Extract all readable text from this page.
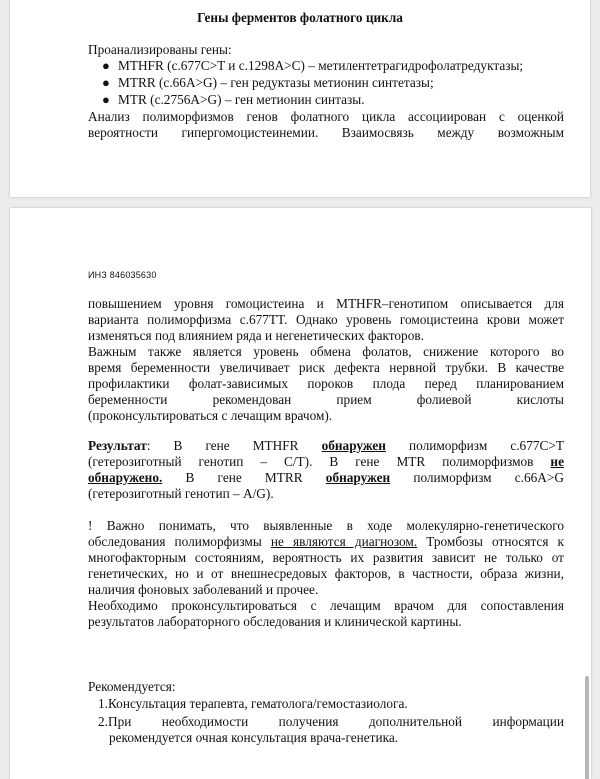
Гены ферментов фолатного цикла

Проанализированы гены:

● MTHFR (c.677C>T и c.1298A>C) – метилентетрагидрофолатредуктазы;
● MTRR (c.66A>G) – ген редуктазы метионин синтетазы;
● MTR (c.2756A>G) – ген метионин синтазы.

Анализ полиморфизмов генов фолатного цикла ассоциирован с оценкой

вероятности гипергомоцистеинемии. Взаимосвязь между возможным

ИНЗ 846035630

повышением уровня гомоцистеина и MTHFR–генотипом описывается для

варианта полиморфизма c.677TT. Однако уровень гомоцистеина крови может

изменяться под влиянием ряда и негенетических факторов.

Важным также является уровень обмена фолатов, снижение которого во

время беременности увеличивает риск дефекта нервной трубки. В качестве

профилактики фолат-зависимых пороков плода перед планированием

беременности рекомендован прием фолиевой кислоты

(проконсультироваться с лечащим врачом).

Результат: В гене MTHFR обнаружен полиморфизм c.677C>T

(гетерозиготный генотип – C/T). В гене MTR полиморфизмов не

обнаружено. В гене MTRR обнаружен полиморфизм c.66A>G

(гетерозиготный генотип – A/G).

! Важно понимать, что выявленные в ходе молекулярно-генетического

обследования полиморфизмы не являются диагнозом. Тромбозы относятся к

многофакторным состояниям, вероятность их развития зависит не только от

генетических, но и от внешнесредовых факторов, в частности, образа жизни,

наличия фоновых заболеваний и прочее.

Необходимо проконсультироваться с лечащим врачом для сопоставления

результатов лабораторного обследования и клинической картины.

Рекомендуется:

1.Консультация терапевта, гематолога/гемостазиолога.
2.При необходимости получения дополнительной информации
рекомендуется очная консультация врача-генетика.
